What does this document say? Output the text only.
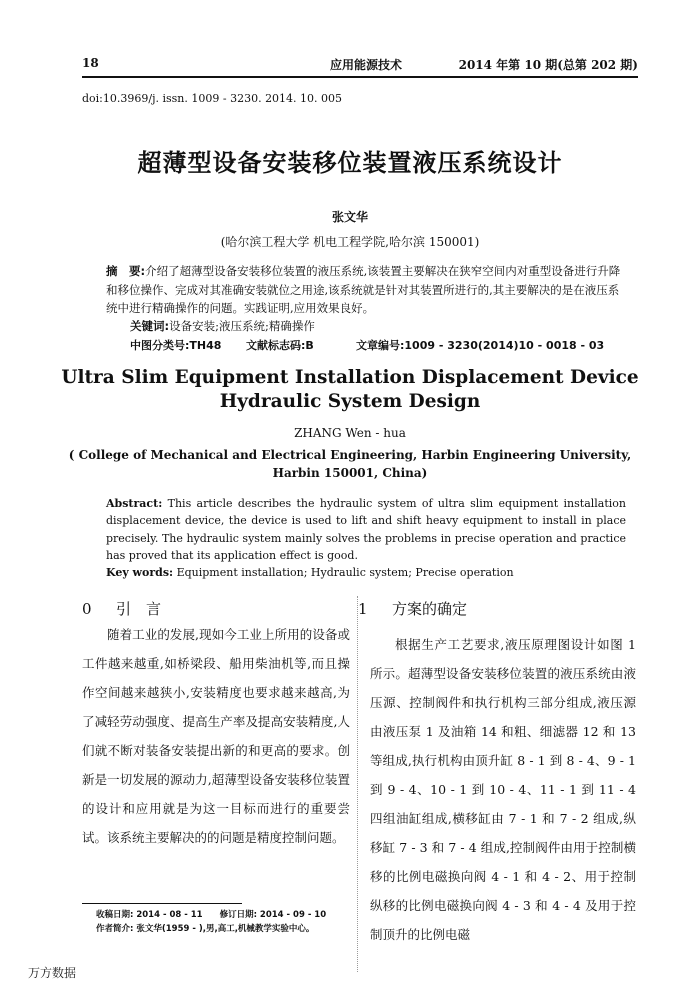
18	应用能源技术	2014 年第 10 期(总第 202 期)
doi:10.3969/j. issn. 1009 - 3230. 2014. 10. 005
超薄型设备安装移位装置液压系统设计
张文华
(哈尔滨工程大学 机电工程学院,哈尔滨 150001)
摘　要:介绍了超薄型设备安装移位装置的液压系统,该装置主要解决在狭窄空间内对重型设备进行升降和移位操作、完成对其准确安装就位之用途,该系统就是针对其装置所进行的,其主要解决的是在液压系统中进行精确操作的问题。实践证明,应用效果良好。
关键词:设备安装;液压系统;精确操作
中图分类号:TH48 文献标志码:B	文章编号:1009 - 3230(2014)10 - 0018 - 03
Ultra Slim Equipment Installation Displacement Device
Hydraulic System Design
ZHANG Wen - hua
( College of Mechanical and Electrical Engineering, Harbin Engineering University,
Harbin 150001, China)
Abstract: This article describes the hydraulic system of ultra slim equipment installation displacement device, the device is used to lift and shift heavy equipment to install in place precisely. The hydraulic system mainly solves the problems in precise operation and practice has proved that its application effect is good.
Key words: Equipment installation; Hydraulic system; Precise operation
0 引　言
随着工业的发展,现如今工业上所用的设备或工件越来越重,如桥梁段、船用柴油机等,而且操作空间越来越狭小,安装精度也要求越来越高,为了减轻劳动强度、提高生产率及提高安装精度,人们就不断对装备安装提出新的和更高的要求。创新是一切发展的源动力,超薄型设备安装移位装置的设计和应用就是为这一目标而进行的重要尝试。该系统主要解决的的问题是精度控制问题。
1 方案的确定
根据生产工艺要求,液压原理图设计如图 1 所示。超薄型设备安装移位装置的液压系统由液压源、控制阀件和执行机构三部分组成,液压源由液压泵 1 及油箱 14 和粗、细滤器 12 和 13 等组成,执行机构由顶升缸 8 - 1 到 8 - 4、9 - 1 到 9 - 4、10 - 1 到 10 - 4、11 - 1 到 11 - 4 四组油缸组成,横移缸由 7 - 1 和 7 - 2 组成,纵移缸 7 - 3 和 7 - 4 组成,控制阀件由用于控制横移的比例电磁换向阀 4 - 1 和 4 - 2、用于控制纵移的比例电磁换向阀 4 - 3 和 4 - 4 及用于控制顶升的比例电磁
收稿日期: 2014 - 08 - 11　　修订日期: 2014 - 09 - 10
作者简介: 张文华(1959 - ),男,高工,机械教学实验中心。
万方数据
